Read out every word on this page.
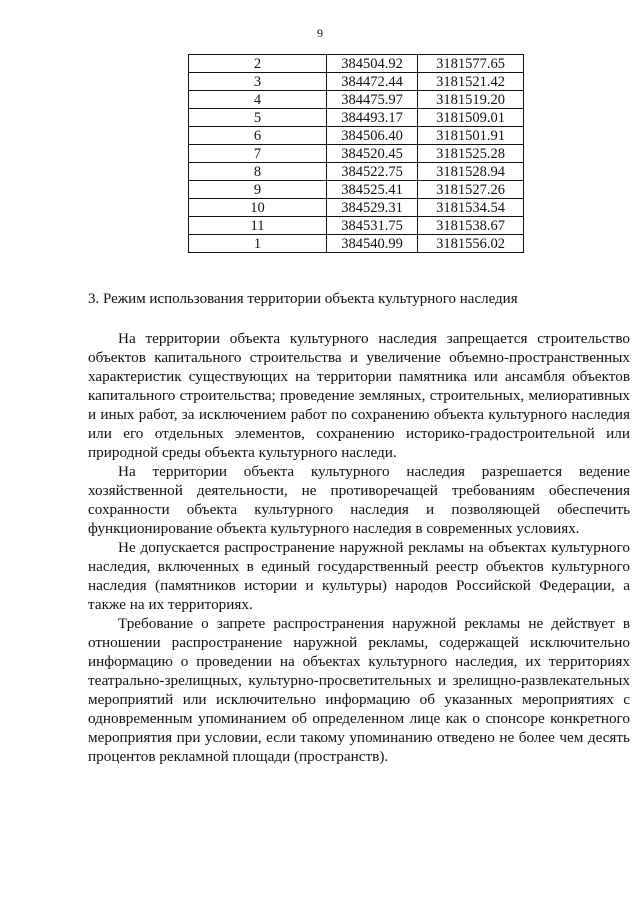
9
2	384504.92	3181577.65
3	384472.44	3181521.42
4	384475.97	3181519.20
5	384493.17	3181509.01
6	384506.40	3181501.91
7	384520.45	3181525.28
8	384522.75	3181528.94
9	384525.41	3181527.26
10	384529.31	3181534.54
11	384531.75	3181538.67
1	384540.99	3181556.02
3. Режим использования территории объекта культурного наследия

На территории объекта культурного наследия запрещается строительство объектов капитального строительства и увеличение объемно-пространственных характеристик существующих на территории памятника или ансамбля объектов капитального строительства; проведение земляных, строительных, мелиоративных и иных работ, за исключением работ по сохранению объекта культурного наследия или его отдельных элементов, сохранению историко-градостроительной или природной среды объекта культурного наследи.

На территории объекта культурного наследия разрешается ведение хозяйственной деятельности, не противоречащей требованиям обеспечения сохранности объекта культурного наследия и позволяющей обеспечить функционирование объекта культурного наследия в современных условиях.

Не допускается распространение наружной рекламы на объектах культурного наследия, включенных в единый государственный реестр объектов культурного наследия (памятников истории и культуры) народов Российской Федерации, а также на их территориях.

Требование о запрете распространения наружной рекламы не действует в отношении распространение наружной рекламы, содержащей исключительно информацию о проведении на объектах культурного наследия, их территориях театрально-зрелищных, культурно-просветительных и зрелищно-развлекательных мероприятий или исключительно информацию об указанных мероприятиях с одновременным упоминанием об определенном лице как о спонсоре конкретного мероприятия при условии, если такому упоминанию отведено не более чем десять процентов рекламной площади (пространств).
